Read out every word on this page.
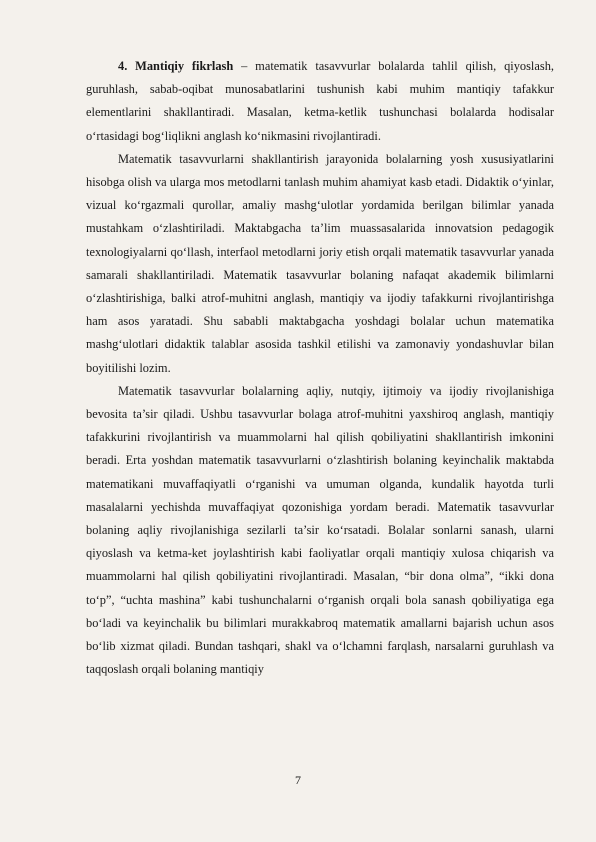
4. Mantiqiy fikrlash – matematik tasavvurlar bolalarda tahlil qilish, qiyoslash, guruhlash, sabab-oqibat munosabatlarini tushunish kabi muhim mantiqiy tafakkur elementlarini shakllantiradi. Masalan, ketma-ketlik tushunchasi bolalarda hodisalar o‘rtasidagi bog‘liqlikni anglash ko‘nikmasini rivojlantiradi.

Matematik tasavvurlarni shakllantirish jarayonida bolalarning yosh xususiyatlarini hisobga olish va ularga mos metodlarni tanlash muhim ahamiyat kasb etadi. Didaktik o‘yinlar, vizual ko‘rgazmali qurollar, amaliy mashg‘ulotlar yordamida berilgan bilimlar yanada mustahkam o‘zlashtiriladi. Maktabgacha ta’lim muassasalarida innovatsion pedagogik texnologiyalarni qo‘llash, interfaol metodlarni joriy etish orqali matematik tasavvurlar yanada samarali shakllantiriladi. Matematik tasavvurlar bolaning nafaqat akademik bilimlarni o‘zlashtirishiga, balki atrof-muhitni anglash, mantiqiy va ijodiy tafakkurni rivojlantirishga ham asos yaratadi. Shu sababli maktabgacha yoshdagi bolalar uchun matematika mashg‘ulotlari didaktik talablar asosida tashkil etilishi va zamonaviy yondashuvlar bilan boyitilishi lozim.

Matematik tasavvurlar bolalarning aqliy, nutqiy, ijtimoiy va ijodiy rivojlanishiga bevosita ta’sir qiladi. Ushbu tasavvurlar bolaga atrof-muhitni yaxshiroq anglash, mantiqiy tafakkurini rivojlantirish va muammolarni hal qilish qobiliyatini shakllantirish imkonini beradi. Erta yoshdan matematik tasavvurlarni o‘zlashtirish bolaning keyinchalik maktabda matematikani muvaffaqiyatli o‘rganishi va umuman olganda, kundalik hayotda turli masalalarni yechishda muvaffaqiyat qozonishiga yordam beradi. Matematik tasavvurlar bolaning aqliy rivojlanishiga sezilarli ta’sir ko‘rsatadi. Bolalar sonlarni sanash, ularni qiyoslash va ketma-ket joylashtirish kabi faoliyatlar orqali mantiqiy xulosa chiqarish va muammolarni hal qilish qobiliyatini rivojlantiradi. Masalan, “bir dona olma”, “ikki dona to‘p”, “uchta mashina” kabi tushunchalarni o‘rganish orqali bola sanash qobiliyatiga ega bo‘ladi va keyinchalik bu bilimlari murakkabroq matematik amallarni bajarish uchun asos bo‘lib xizmat qiladi. Bundan tashqari, shakl va o‘lchamni farqlash, narsalarni guruhlash va taqqoslash orqali bolaning mantiqiy

7
